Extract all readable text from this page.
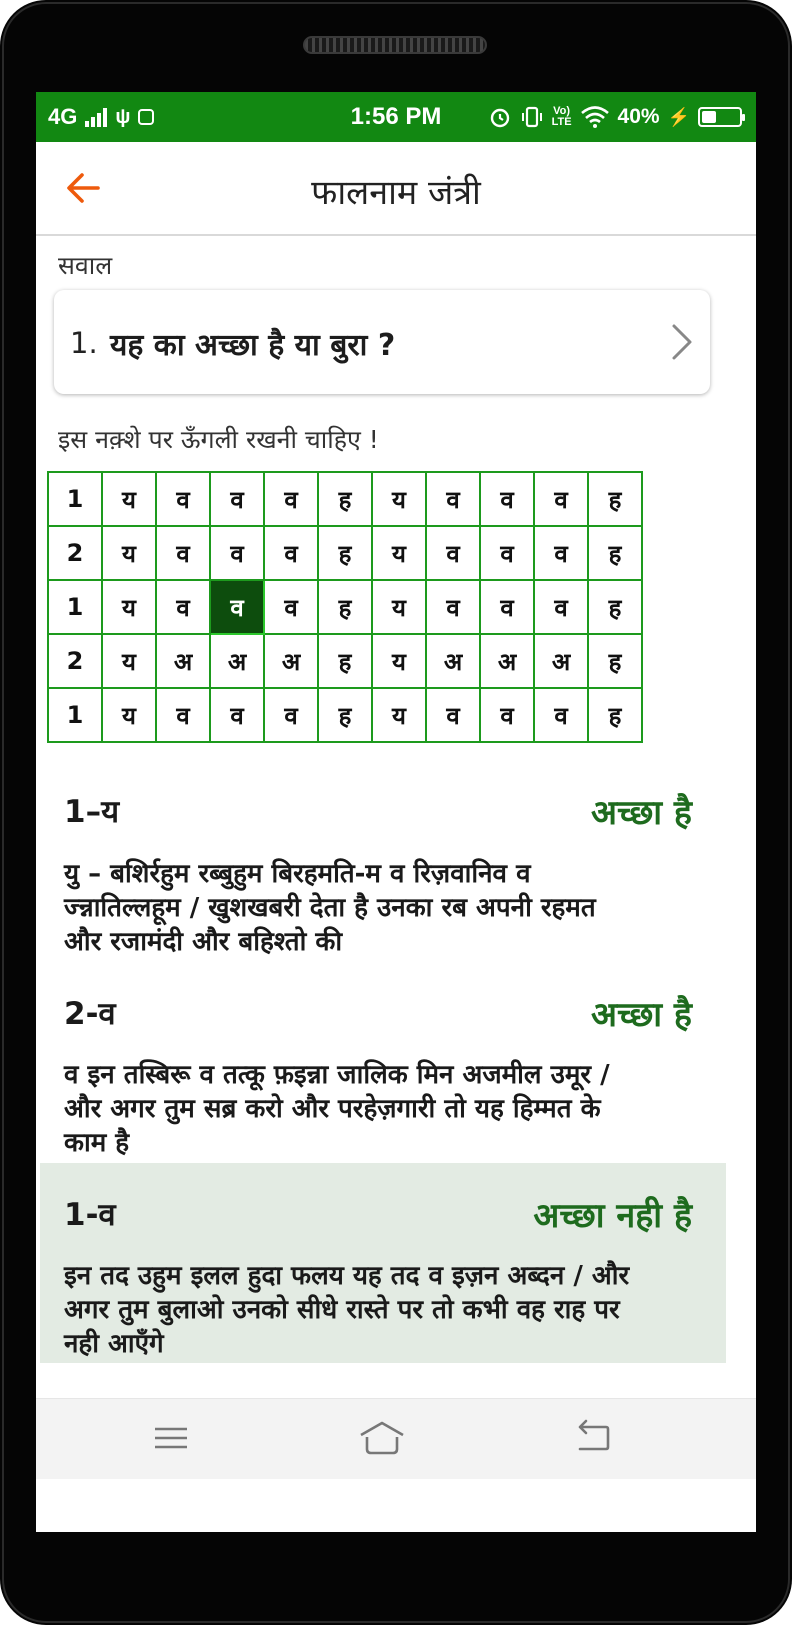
4G ψ	1:56 PM	Vo)
LTE 40% ⚡
फालनाम जंत्री
सवाल
1. यह का अच्छा है या बुरा ?
इस नक़्शे पर ऊँगली रखनी चाहिए !
1	य	व	व	व	ह	य	व	व	व	ह
2	य	व	व	व	ह	य	व	व	व	ह
1	य	व	व	व	ह	य	व	व	व	ह
2	य	अ	अ	अ	ह	य	अ	अ	अ	ह
1	य	व	व	व	ह	य	व	व	व	ह
1–य	अच्छा है
यु – बशिर्रहुम रब्बुहुम बिरहमति-म व रिज़वानिव व
ज्न्नातिल्लहूम / खुशखबरी देता है उनका रब अपनी रहमत
और रजामंदी और बहिश्तो की
2-व	अच्छा है
व इन तस्बिरू व तत्कू फ़इन्ना जालिक मिन अजमील उमूर /
और अगर तुम सब्र करो और परहेज़गारी तो यह हिम्मत के
काम है
1-व	अच्छा नही है
इन तद उहुम इलल हुदा फलय यह तद व इज़न अब्दन / और
अगर तुम बुलाओ उनको सीधे रास्ते पर तो कभी वह राह पर
नही आएँगे
